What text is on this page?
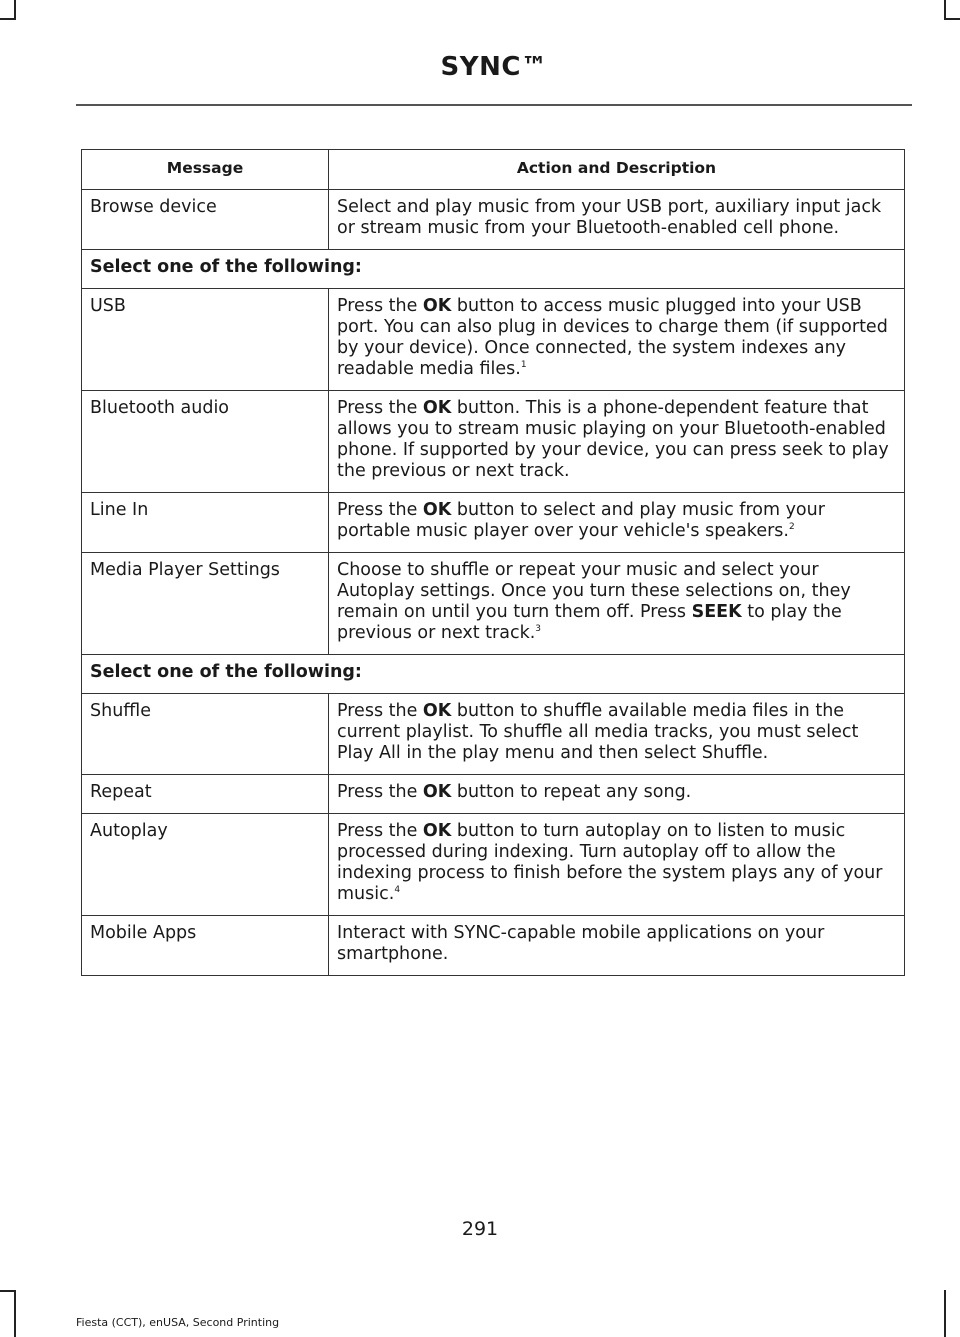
SYNC™
Message	Action and Description
Browse device	Select and play music from your USB port, auxiliary input jack or stream music from your Bluetooth-enabled cell phone.
Select one of the following:	
USB	Press the OK button to access music plugged into your USB port. You can also plug in devices to charge them (if supported by your device). Once connected, the system indexes any readable media files.$^1$
Bluetooth audio	Press the OK button. This is a phone-dependent feature that allows you to stream music playing on your Bluetooth-enabled phone. If supported by your device, you can press seek to play the previous or next track.
Line In	Press the OK button to select and play music from your portable music player over your vehicle's speakers.$^2$
Media Player Settings	Choose to shuffle or repeat your music and select your Autoplay settings. Once you turn these selections on, they remain on until you turn them off. Press SEEK to play the previous or next track.$^3$
Select one of the following:	
Shuffle	Press the OK button to shuffle available media files in the current playlist. To shuffle all media tracks, you must select Play All in the play menu and then select Shuffle.
Repeat	Press the OK button to repeat any song.
Autoplay	Press the OK button to turn autoplay on to listen to music processed during indexing. Turn autoplay off to allow the indexing process to finish before the system plays any of your music.$^4$
Mobile Apps	Interact with SYNC-capable mobile applications on your smartphone.
291
Fiesta (CCT), enUSA, Second Printing
